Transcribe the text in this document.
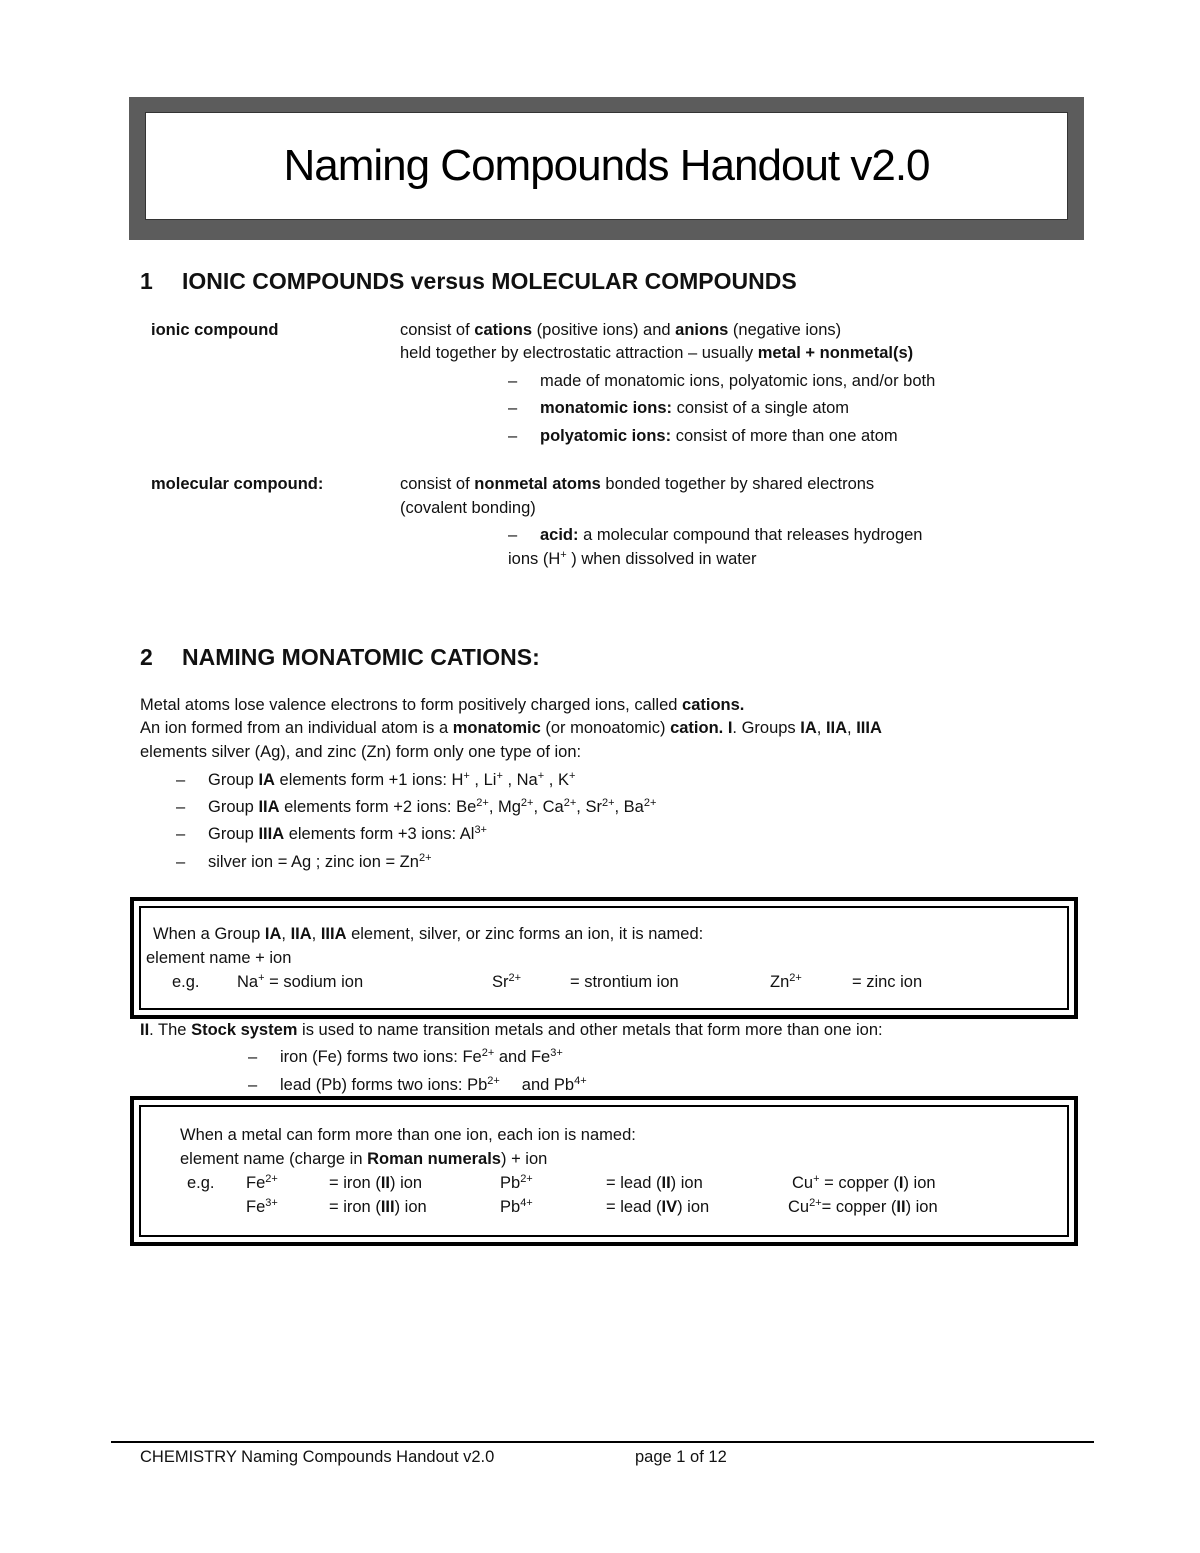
Naming Compounds Handout v2.0
1 IONIC COMPOUNDS versus MOLECULAR COMPOUNDS
ionic compound	consist of cations (positive ions) and anions (negative ions)
held together by electrostatic attraction – usually metal + nonmetal(s)
– made of monatomic ions, polyatomic ions, and/or both
– monatomic ions: consist of a single atom
– polyatomic ions: consist of more than one atom
molecular compound:	consist of nonmetal atoms bonded together by shared electrons
(covalent bonding)
– acid: a molecular compound that releases hydrogen
ions (H+ ) when dissolved in water
2 NAMING MONATOMIC CATIONS:
Metal atoms lose valence electrons to form positively charged ions, called cations.
An ion formed from an individual atom is a monatomic (or monoatomic) cation. I. Groups IA, IIA, IIIA
elements silver (Ag), and zinc (Zn) form only one type of ion:
– Group IA elements form +1 ions: H+ , Li+ , Na+ , K+
– Group IIA elements form +2 ions: $Be^{2+}$, $Mg^{2+}$, $Ca^{2+}$, $Sr^{2+}$, $Ba^{2+}$
– Group IIIA elements form +3 ions: $Al^{3+}$
– silver ion = Ag ; zinc ion = $Zn^{2+}$
When a Group IA, IIA, IIIA element, silver, or zinc forms an ion, it is named:
element name + ion
e.g. Na+ = sodium ion	$Sr^{2+}$	= strontium ion	$Zn^{2+}$	= zinc ion
II. The Stock system is used to name transition metals and other metals that form more than one ion:
– iron (Fe) forms two ions: $Fe^{2+}$ and $Fe^{3+}$
– lead (Pb) forms two ions: $Pb^{2+}$ and $Pb^{4+}$
When a metal can form more than one ion, each ion is named:
element name (charge in Roman numerals) + ion
e.g. $Fe^{2+}$	= iron (II) ion	$Pb^{2+}$	= lead (II) ion	Cu+ = copper (I) ion
$Fe^{3+}$	= iron (III) ion	$Pb^{4+}$	= lead (IV) ion	$Cu^{2+}=$ copper (II) ion
CHEMISTRY Naming Compounds Handout v2.0	page 1 of 12
